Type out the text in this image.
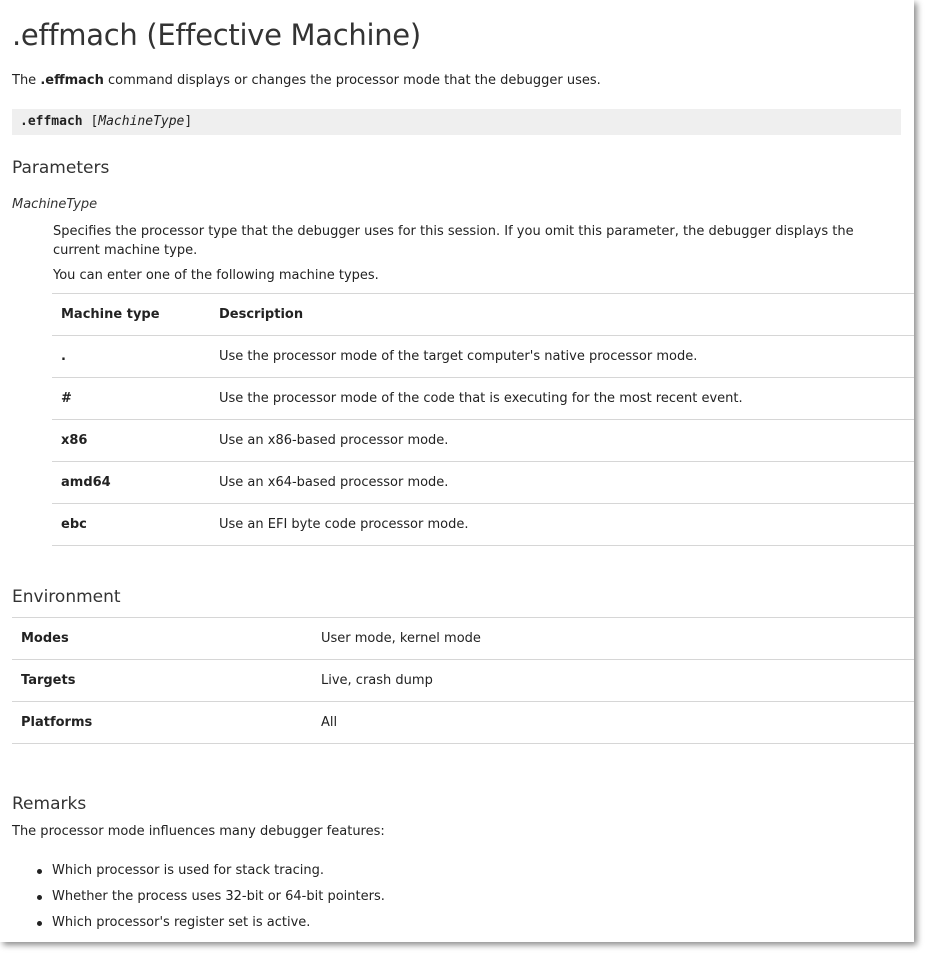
.effmach (Effective Machine)

The .effmach command displays or changes the processor mode that the debugger uses.

.effmach [MachineType]
Parameters
MachineType

Specifies the processor type that the debugger uses for this session. If you omit this parameter, the debugger displays the current machine type.

You can enter one of the following machine types.

Machine type	Description
.	Use the processor mode of the target computer's native processor mode.
#	Use the processor mode of the code that is executing for the most recent event.
x86	Use an x86-based processor mode.
amd64	Use an x64-based processor mode.
ebc	Use an EFI byte code processor mode.
Environment
Modes	User mode, kernel mode
Targets	Live, crash dump
Platforms	All
Remarks

The processor mode influences many debugger features:

Which processor is used for stack tracing.
Whether the process uses 32-bit or 64-bit pointers.
Which processor's register set is active.
